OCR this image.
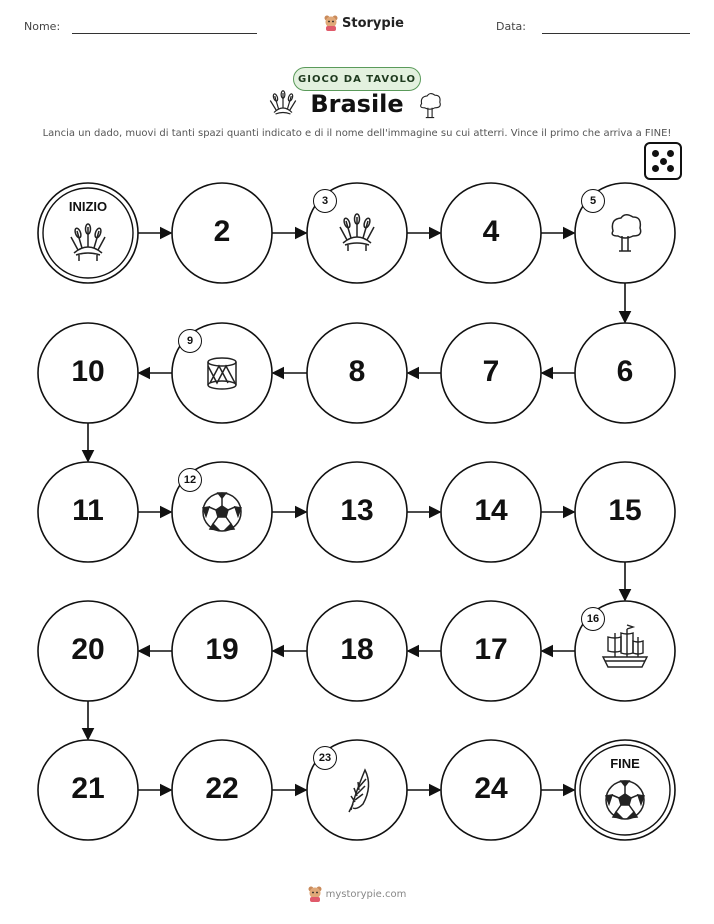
Nome:	Storypie	Data:
GIOCO DA TAVOLO
Brasile
Lancia un dado, muovi di tanti spazi quanti indicato e di il nome dell'immagine su cui atterri. Vince il primo che arriva a FINE!
INIZIO
2
3
4
5
6
7
8
9
10
11
12
13	14	15
16
17
18
19
20
21	22
23
24
FINE
mystorypie.com
